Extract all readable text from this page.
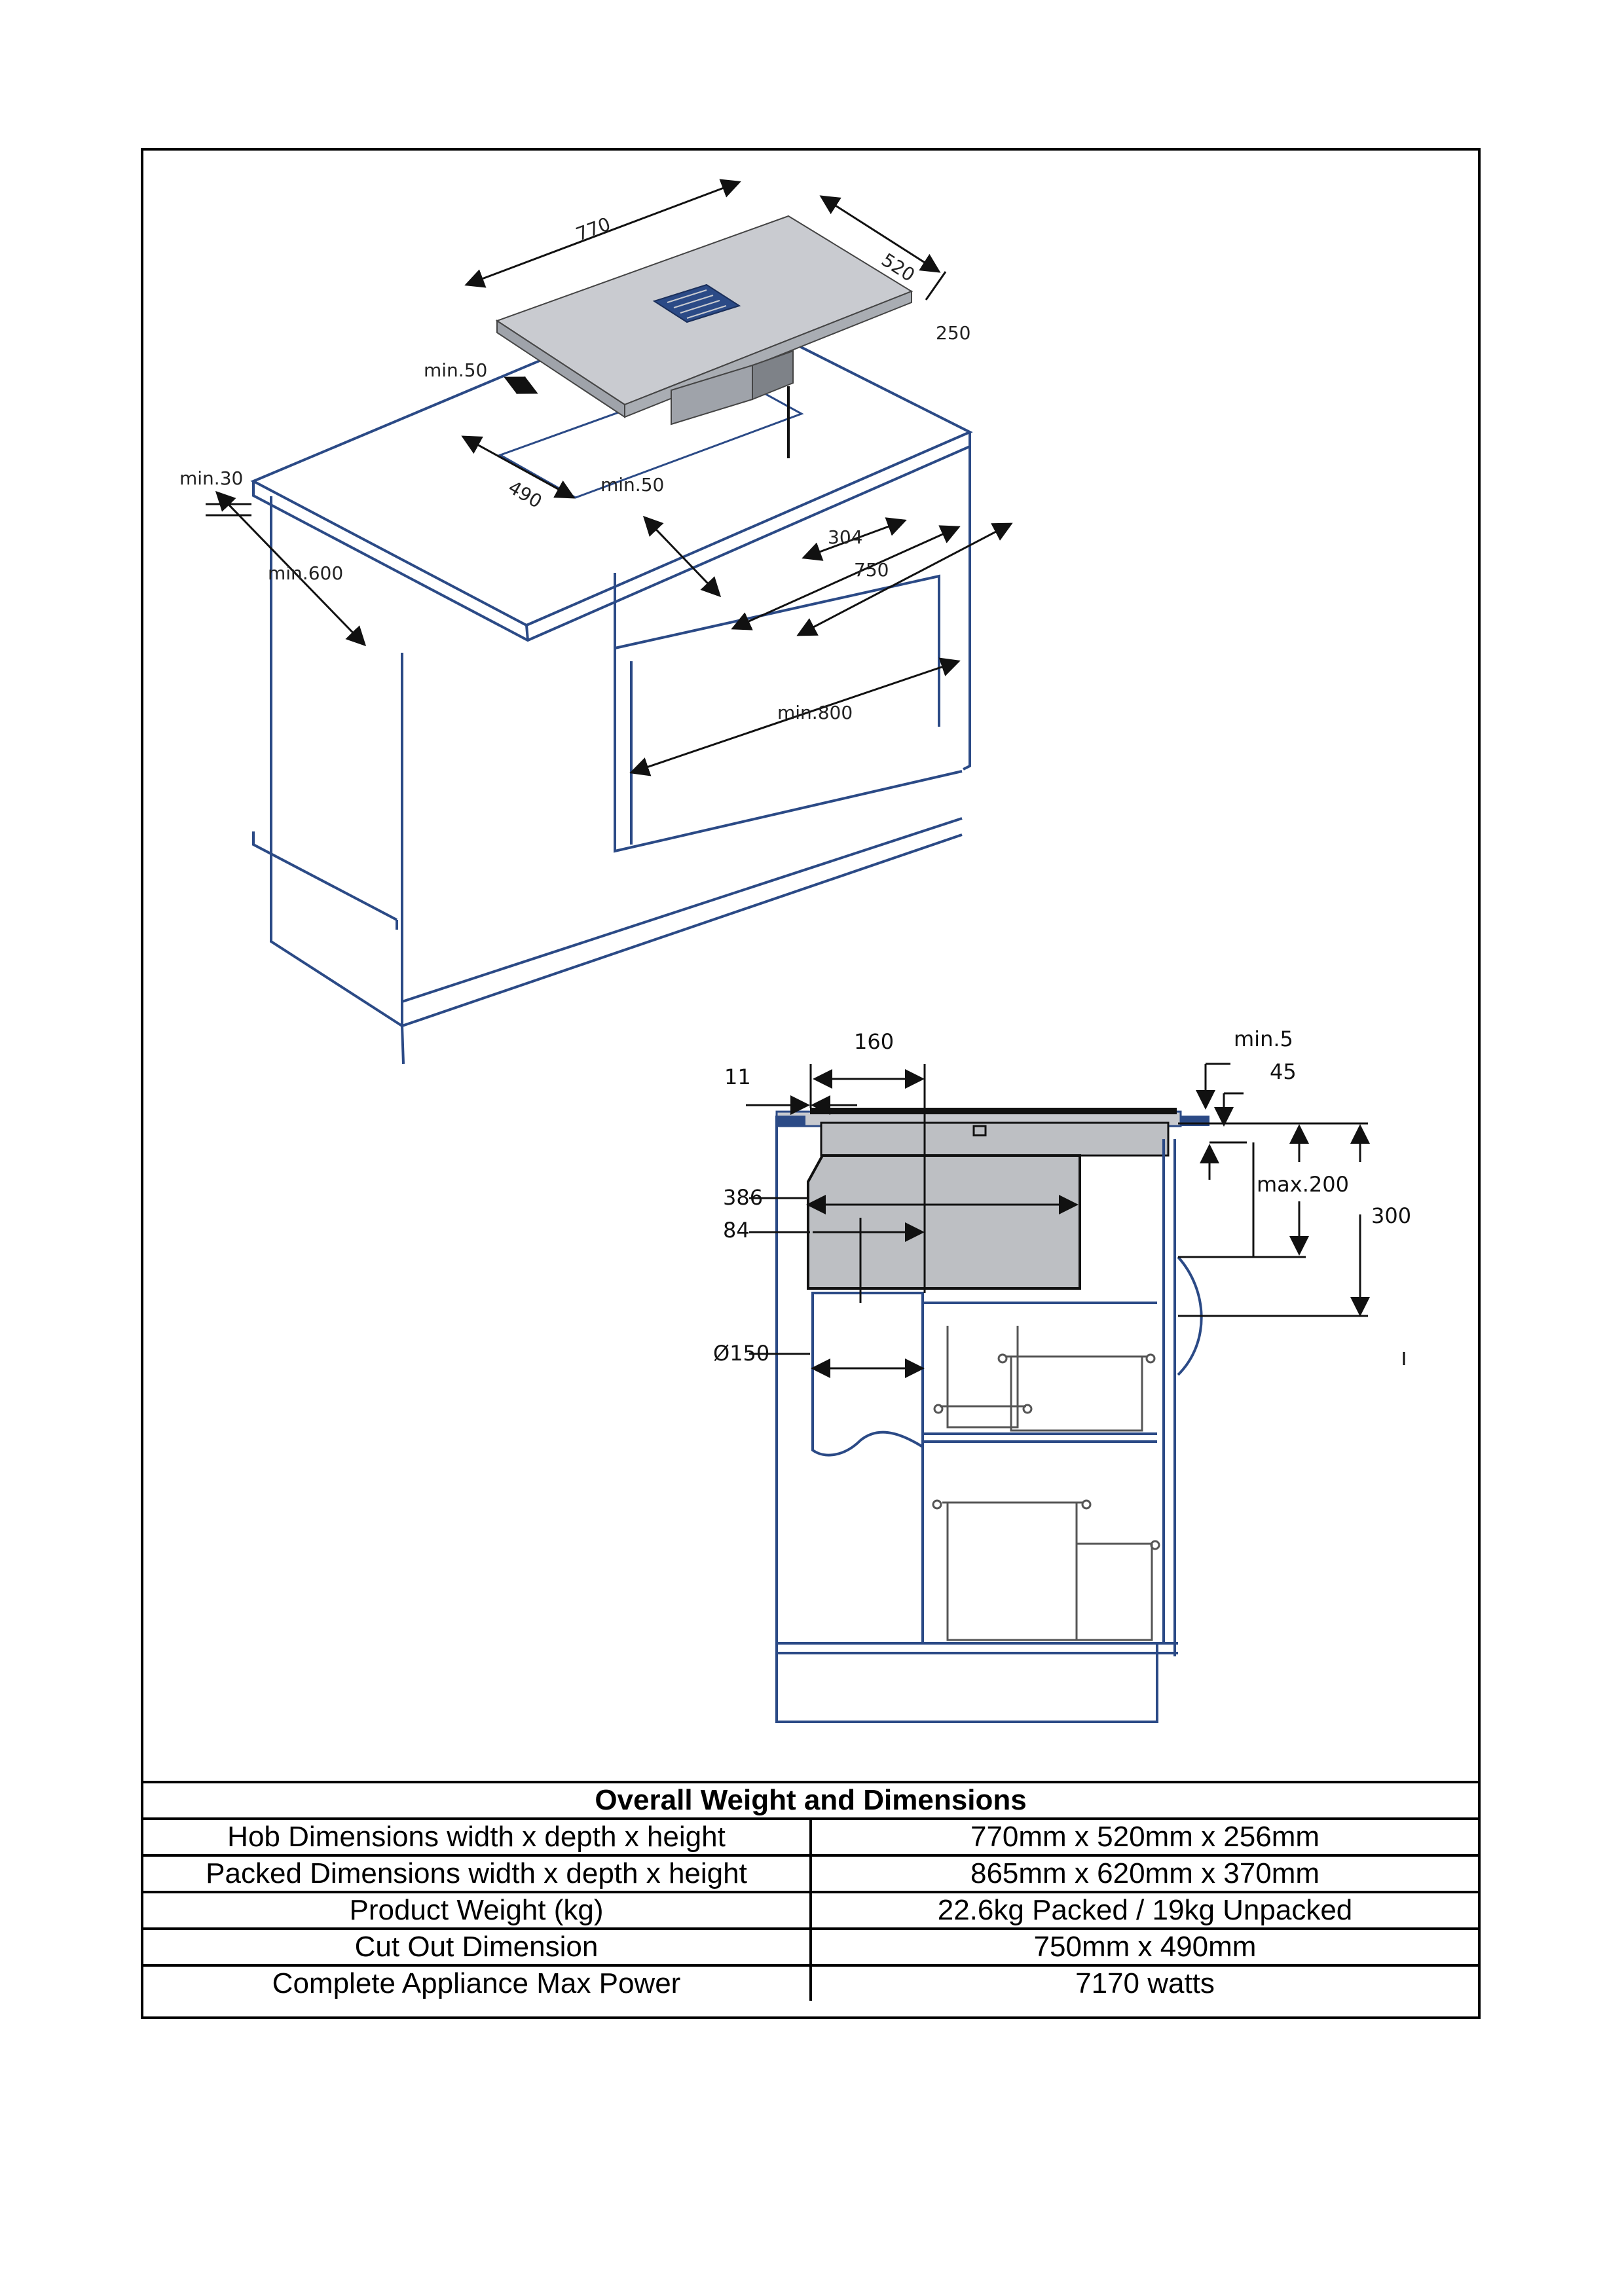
770
520
250
min.50
min.30	490	min.50
min.600
304
750
min.800
160
11
min.5
45
386
84
max.200
300
Ø150
Overall Weight and Dimensions	
Hob Dimensions width x depth x height	770mm x 520mm x 256mm
Packed Dimensions width x depth x height	865mm x 620mm x 370mm
Product Weight (kg)	22.6kg Packed / 19kg Unpacked
Cut Out Dimension	750mm x 490mm
Complete Appliance Max Power	7170 watts
